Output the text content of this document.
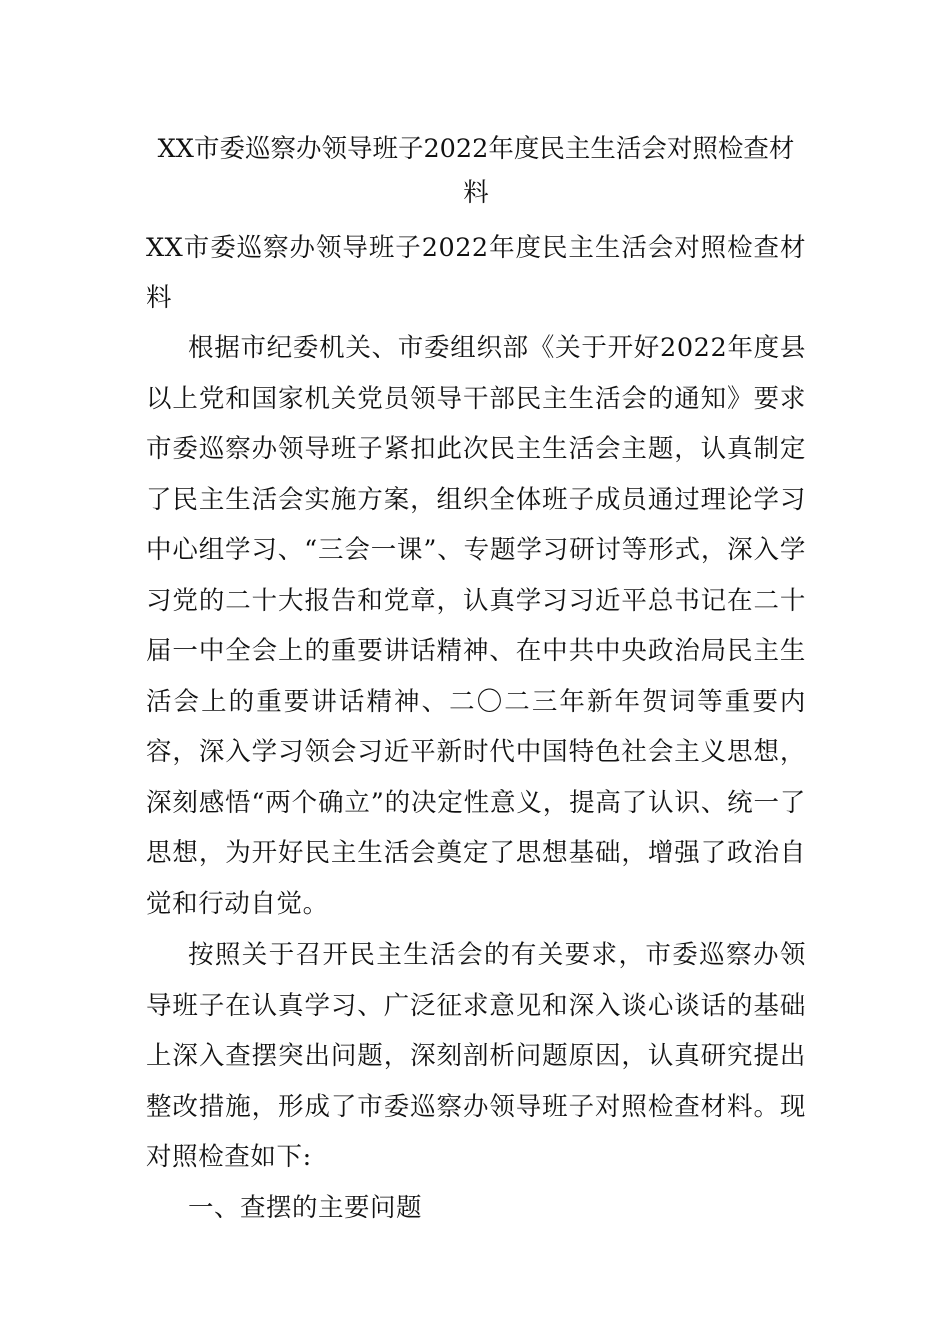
XX市委巡察办领导班子2022年度民主生活会对照检查材料

XX市委巡察办领导班子2022年度民主生活会对照检查材料

根据市纪委机关、市委组织部《关于开好2022年度县以上党和国家机关党员领导干部民主生活会的通知》要求市委巡察办领导班子紧扣此次民主生活会主题，认真制定了民主生活会实施方案，组织全体班子成员通过理论学习中心组学习、“三会一课”、专题学习研讨等形式，深入学习党的二十大报告和党章，认真学习习近平总书记在二十届一中全会上的重要讲话精神、在中共中央政治局民主生活会上的重要讲话精神、二〇二三年新年贺词等重要内容，深入学习领会习近平新时代中国特色社会主义思想，深刻感悟“两个确立”的决定性意义，提高了认识、统一了思想，为开好民主生活会奠定了思想基础，增强了政治自觉和行动自觉。

按照关于召开民主生活会的有关要求，市委巡察办领导班子在认真学习、广泛征求意见和深入谈心谈话的基础上深入查摆突出问题，深刻剖析问题原因，认真研究提出整改措施，形成了市委巡察办领导班子对照检查材料。现对照检查如下:

一、查摆的主要问题
